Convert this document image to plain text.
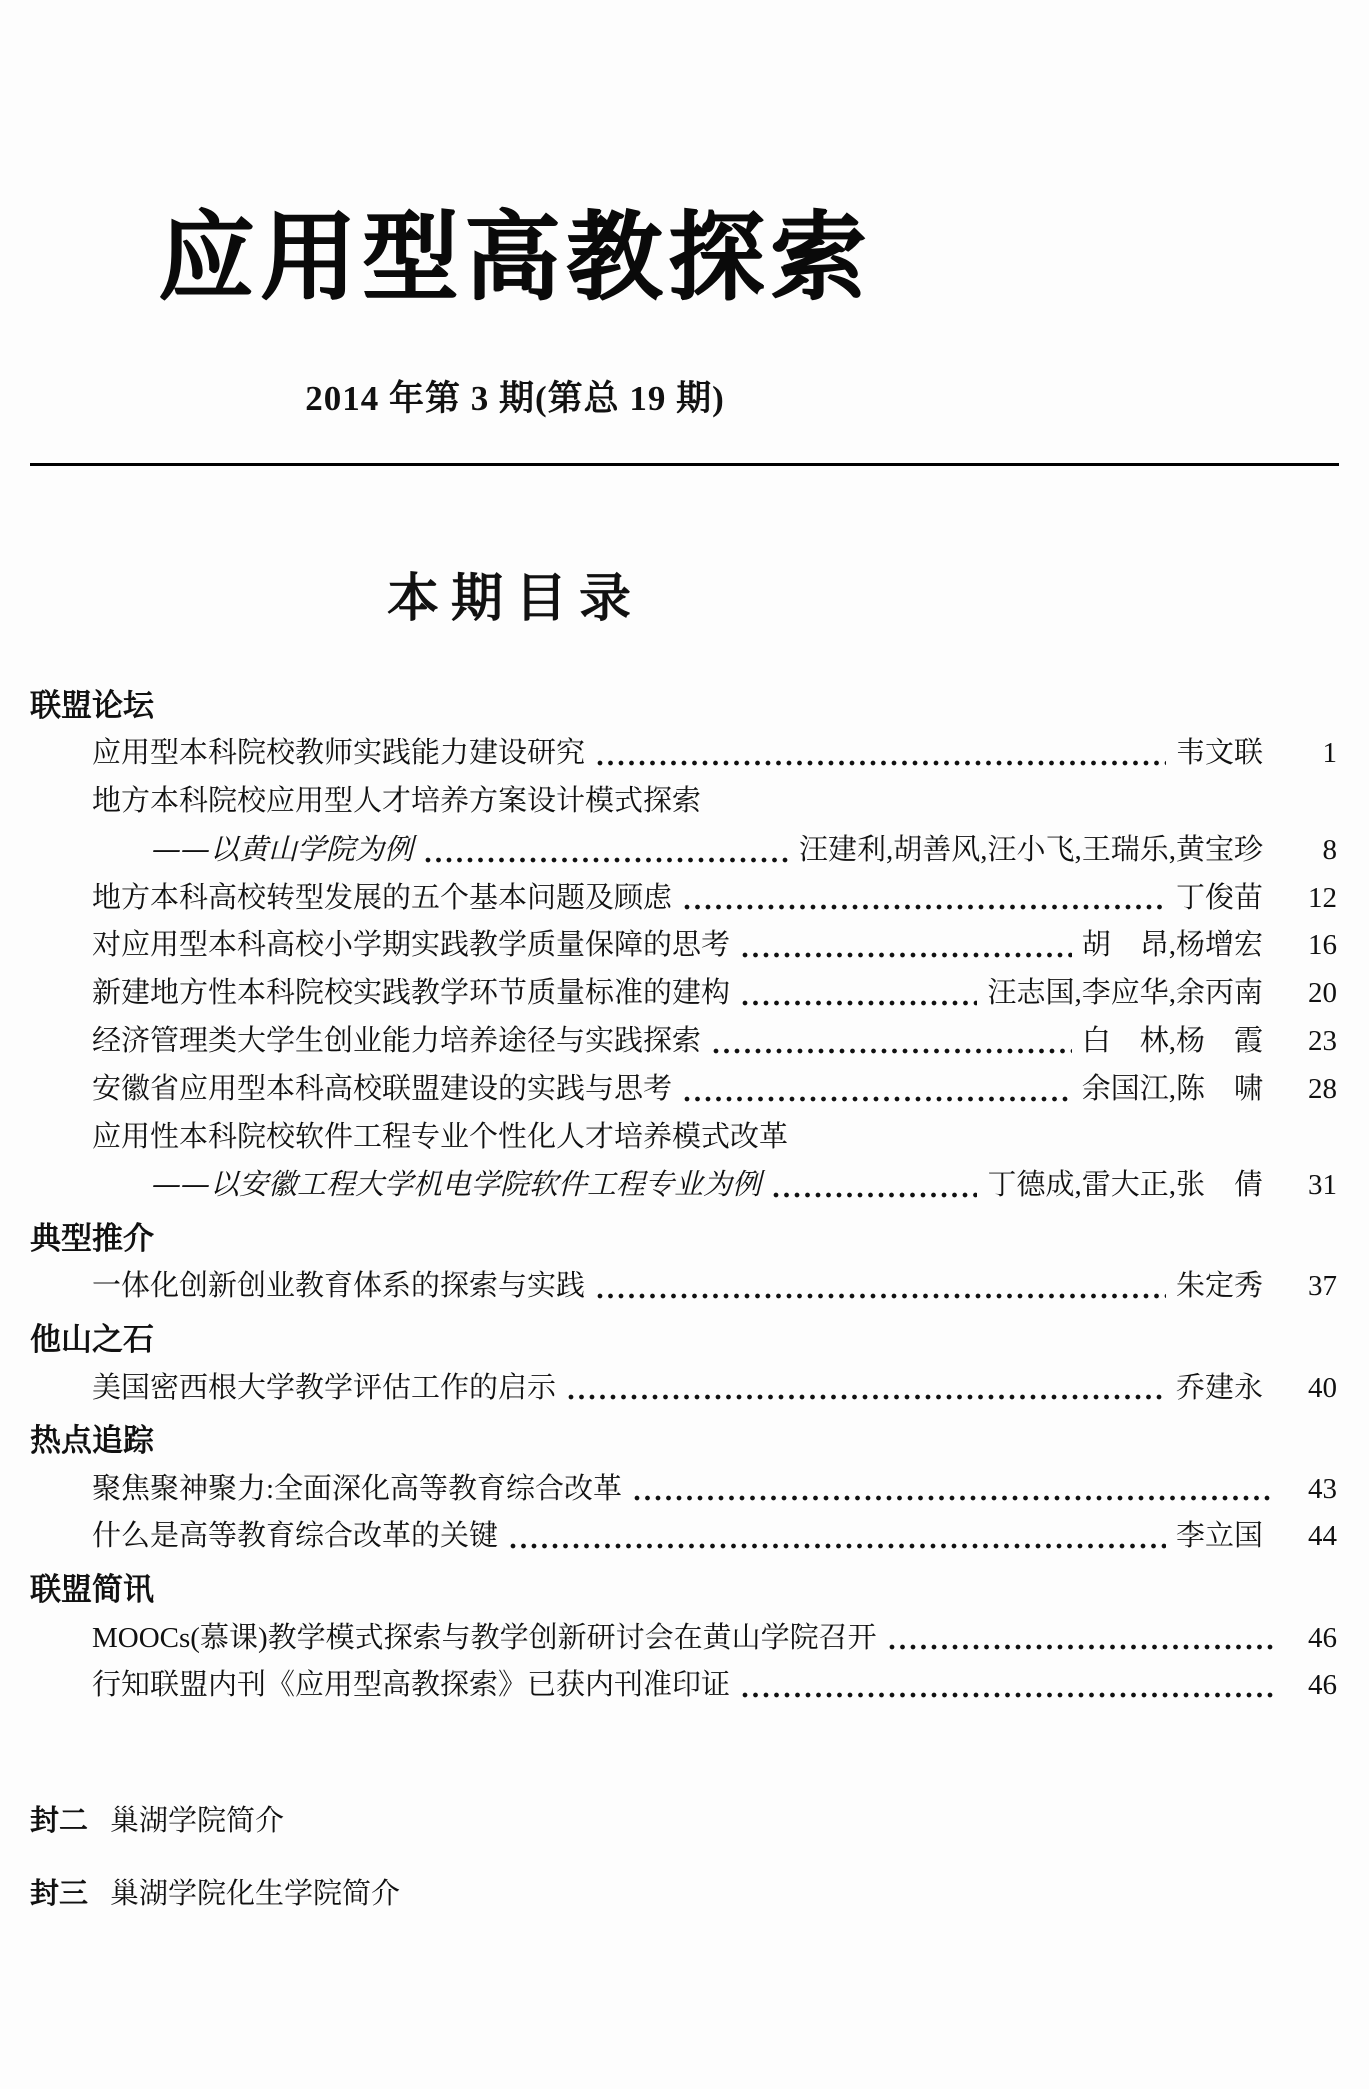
应用型高教探索
2014 年第 3 期(第总 19 期)
本期目录
联盟论坛
应用型本科院校教师实践能力建设研究	韦文联	1
地方本科院校应用型人才培养方案设计模式探索
——以黄山学院为例	汪建利,胡善风,汪小飞,王瑞乐,黄宝珍	8
地方本科高校转型发展的五个基本问题及顾虑	丁俊苗	12
对应用型本科高校小学期实践教学质量保障的思考	胡　昂,杨增宏	16
新建地方性本科院校实践教学环节质量标准的建构	汪志国,李应华,余丙南	20
经济管理类大学生创业能力培养途径与实践探索	白　林,杨　霞	23
安徽省应用型本科高校联盟建设的实践与思考	余国江,陈　啸	28
应用性本科院校软件工程专业个性化人才培养模式改革
——以安徽工程大学机电学院软件工程专业为例	丁德成,雷大正,张　倩	31
典型推介
一体化创新创业教育体系的探索与实践	朱定秀	37
他山之石
美国密西根大学教学评估工作的启示	乔建永	40
热点追踪
聚焦聚神聚力:全面深化高等教育综合改革	43
什么是高等教育综合改革的关键	李立国	44
联盟简讯
MOOCs(慕课)教学模式探索与教学创新研讨会在黄山学院召开	46
行知联盟内刊《应用型高教探索》已获内刊准印证	46
封二 巢湖学院简介
封三 巢湖学院化生学院简介
